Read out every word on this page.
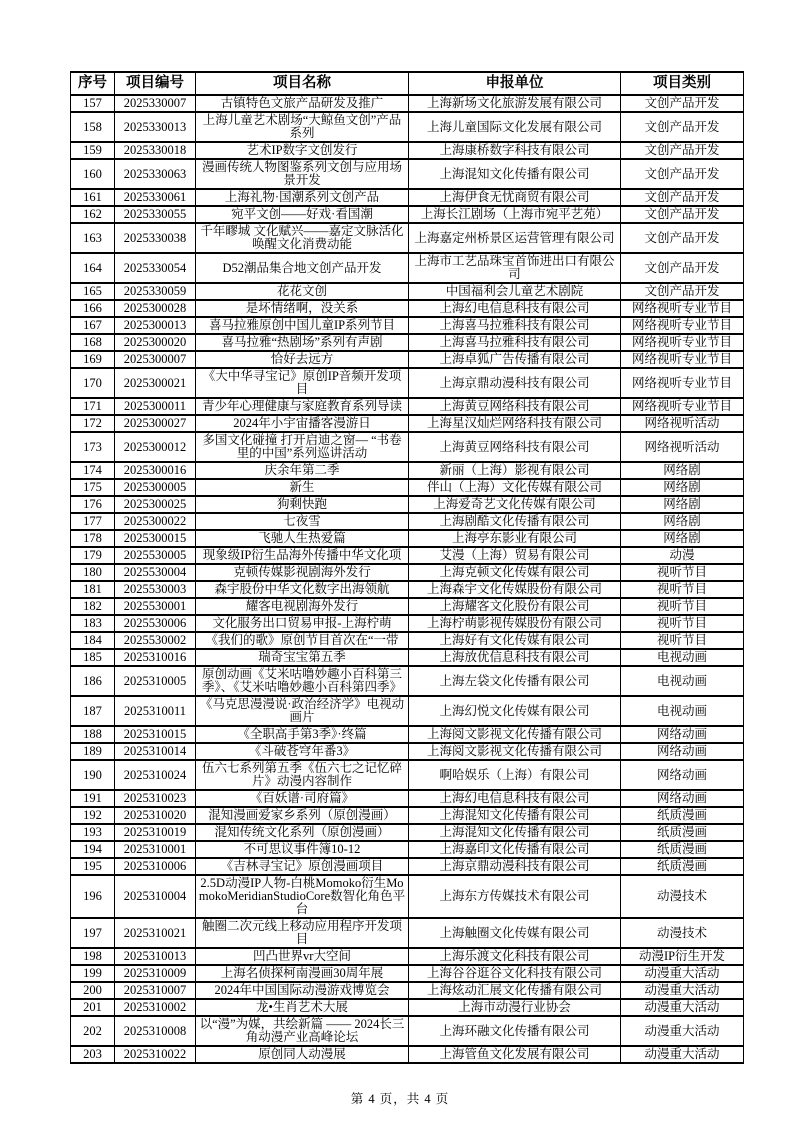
序号	项目编号	项目名称	申报单位	项目类别
157	2025330007	古镇特色文旅产品研发及推广	上海新场文化旅游发展有限公司	文创产品开发
158	2025330013	上海儿童艺术剧场“大鲸鱼文创”产品系列	上海儿童国际文化发展有限公司	文创产品开发
159	2025330018	艺术IP数字文创发行	上海康桥数字科技有限公司	文创产品开发
160	2025330063	漫画传统人物图鉴系列文创与应用场景开发	上海混知文化传播有限公司	文创产品开发
161	2025330061	上海礼物·国潮系列文创产品	上海伊食无忧商贸有限公司	文创产品开发
162	2025330055	宛平文创——好戏·看国潮	上海长江剧场（上海市宛平艺苑）	文创产品开发
163	2025330038	千年疁城 文化赋兴——嘉定文脉活化唤醒文化消费动能	上海嘉定州桥景区运营管理有限公司	文创产品开发
164	2025330054	D52潮品集合地文创产品开发	上海市工艺品珠宝首饰进出口有限公司	文创产品开发
165	2025330059	花花文创	中国福利会儿童艺术剧院	文创产品开发
166	2025300028	是坏情绪啊，没关系	上海幻电信息科技有限公司	网络视听专业节目
167	2025300013	喜马拉雅原创中国儿童IP系列节目	上海喜马拉雅科技有限公司	网络视听专业节目
168	2025300020	喜马拉雅“热剧场”系列有声剧	上海喜马拉雅科技有限公司	网络视听专业节目
169	2025300007	恰好去远方	上海卓狐广告传播有限公司	网络视听专业节目
170	2025300021	《大中华寻宝记》原创IP音频开发项目	上海京鼎动漫科技有限公司	网络视听专业节目
171	2025300011	青少年心理健康与家庭教育系列导读	上海黄豆网络科技有限公司	网络视听专业节目
172	2025300027	2024年小宇宙播客漫游日	上海星汉灿烂网络科技有限公司	网络视听活动
173	2025300012	多国文化碰撞 打开启迪之窗— “书卷里的中国”系列巡讲活动	上海黄豆网络科技有限公司	网络视听活动
174	2025300016	庆余年第二季	新丽（上海）影视有限公司	网络剧
175	2025300005	新生	伴山（上海）文化传媒有限公司	网络剧
176	2025300025	狗剩快跑	上海爱奇艺文化传媒有限公司	网络剧
177	2025300022	七夜雪	上海剧酷文化传播有限公司	网络剧
178	2025300015	飞驰人生热爱篇	上海亭东影业有限公司	网络剧
179	2025530005	现象级IP衍生品海外传播中华文化项	艾漫（上海）贸易有限公司	动漫
180	2025530004	克顿传媒影视剧海外发行	上海克顿文化传媒有限公司	视听节目
181	2025530003	森宇股份中华文化数字出海领航	上海森宇文化传媒股份有限公司	视听节目
182	2025530001	耀客电视剧海外发行	上海耀客文化股份有限公司	视听节目
183	2025530006	文化服务出口贸易申报-上海柠萌	上海柠萌影视传媒股份有限公司	视听节目
184	2025530002	《我们的歌》原创节目首次在“一带	上海好有文化传媒有限公司	视听节目
185	2025310016	瑞奇宝宝第五季	上海放优信息科技有限公司	电视动画
186	2025310005	原创动画《艾米咕噜妙趣小百科第三季》、《艾米咕噜妙趣小百科第四季》	上海左袋文化传播有限公司	电视动画
187	2025310011	《马克思漫漫说·政治经济学》电视动画片	上海幻悦文化传媒有限公司	电视动画
188	2025310015	《全职高手第3季》·终篇	上海阅文影视文化传播有限公司	网络动画
189	2025310014	《斗破苍穹年番3》	上海阅文影视文化传播有限公司	网络动画
190	2025310024	伍六七系列第五季《伍六七之记忆碎片》动漫内容制作	啊哈娱乐（上海）有限公司	网络动画
191	2025310023	《百妖谱·司府篇》	上海幻电信息科技有限公司	网络动画
192	2025310020	混知漫画爱家乡系列（原创漫画）	上海混知文化传播有限公司	纸质漫画
193	2025310019	混知传统文化系列（原创漫画）	上海混知文化传播有限公司	纸质漫画
194	2025310001	不可思议事件簿10-12	上海嘉印文化传播有限公司	纸质漫画
195	2025310006	《吉林寻宝记》原创漫画项目	上海京鼎动漫科技有限公司	纸质漫画
196	2025310004	2.5D动漫IP人物-白桃Momoko衍生MomokoMeridianStudioCore数智化角色平台	上海东方传媒技术有限公司	动漫技术
197	2025310021	触圈二次元线上移动应用程序开发项目	上海触圈文化传媒有限公司	动漫技术
198	2025310013	凹凸世界vr大空间	上海乐渡文化科技有限公司	动漫IP衍生开发
199	2025310009	上海名侦探柯南漫画30周年展	上海谷谷逛谷文化科技有限公司	动漫重大活动
200	2025310007	2024年中国国际动漫游戏博览会	上海炫动汇展文化传播有限公司	动漫重大活动
201	2025310002	龙•生肖艺术大展	上海市动漫行业协会	动漫重大活动
202	2025310008	以“漫”为媒，共绘新篇 —— 2024长三角动漫产业高峰论坛	上海环融文化传播有限公司	动漫重大活动
203	2025310022	原创同人动漫展	上海管鱼文化发展有限公司	动漫重大活动
第 4 页，共 4 页
